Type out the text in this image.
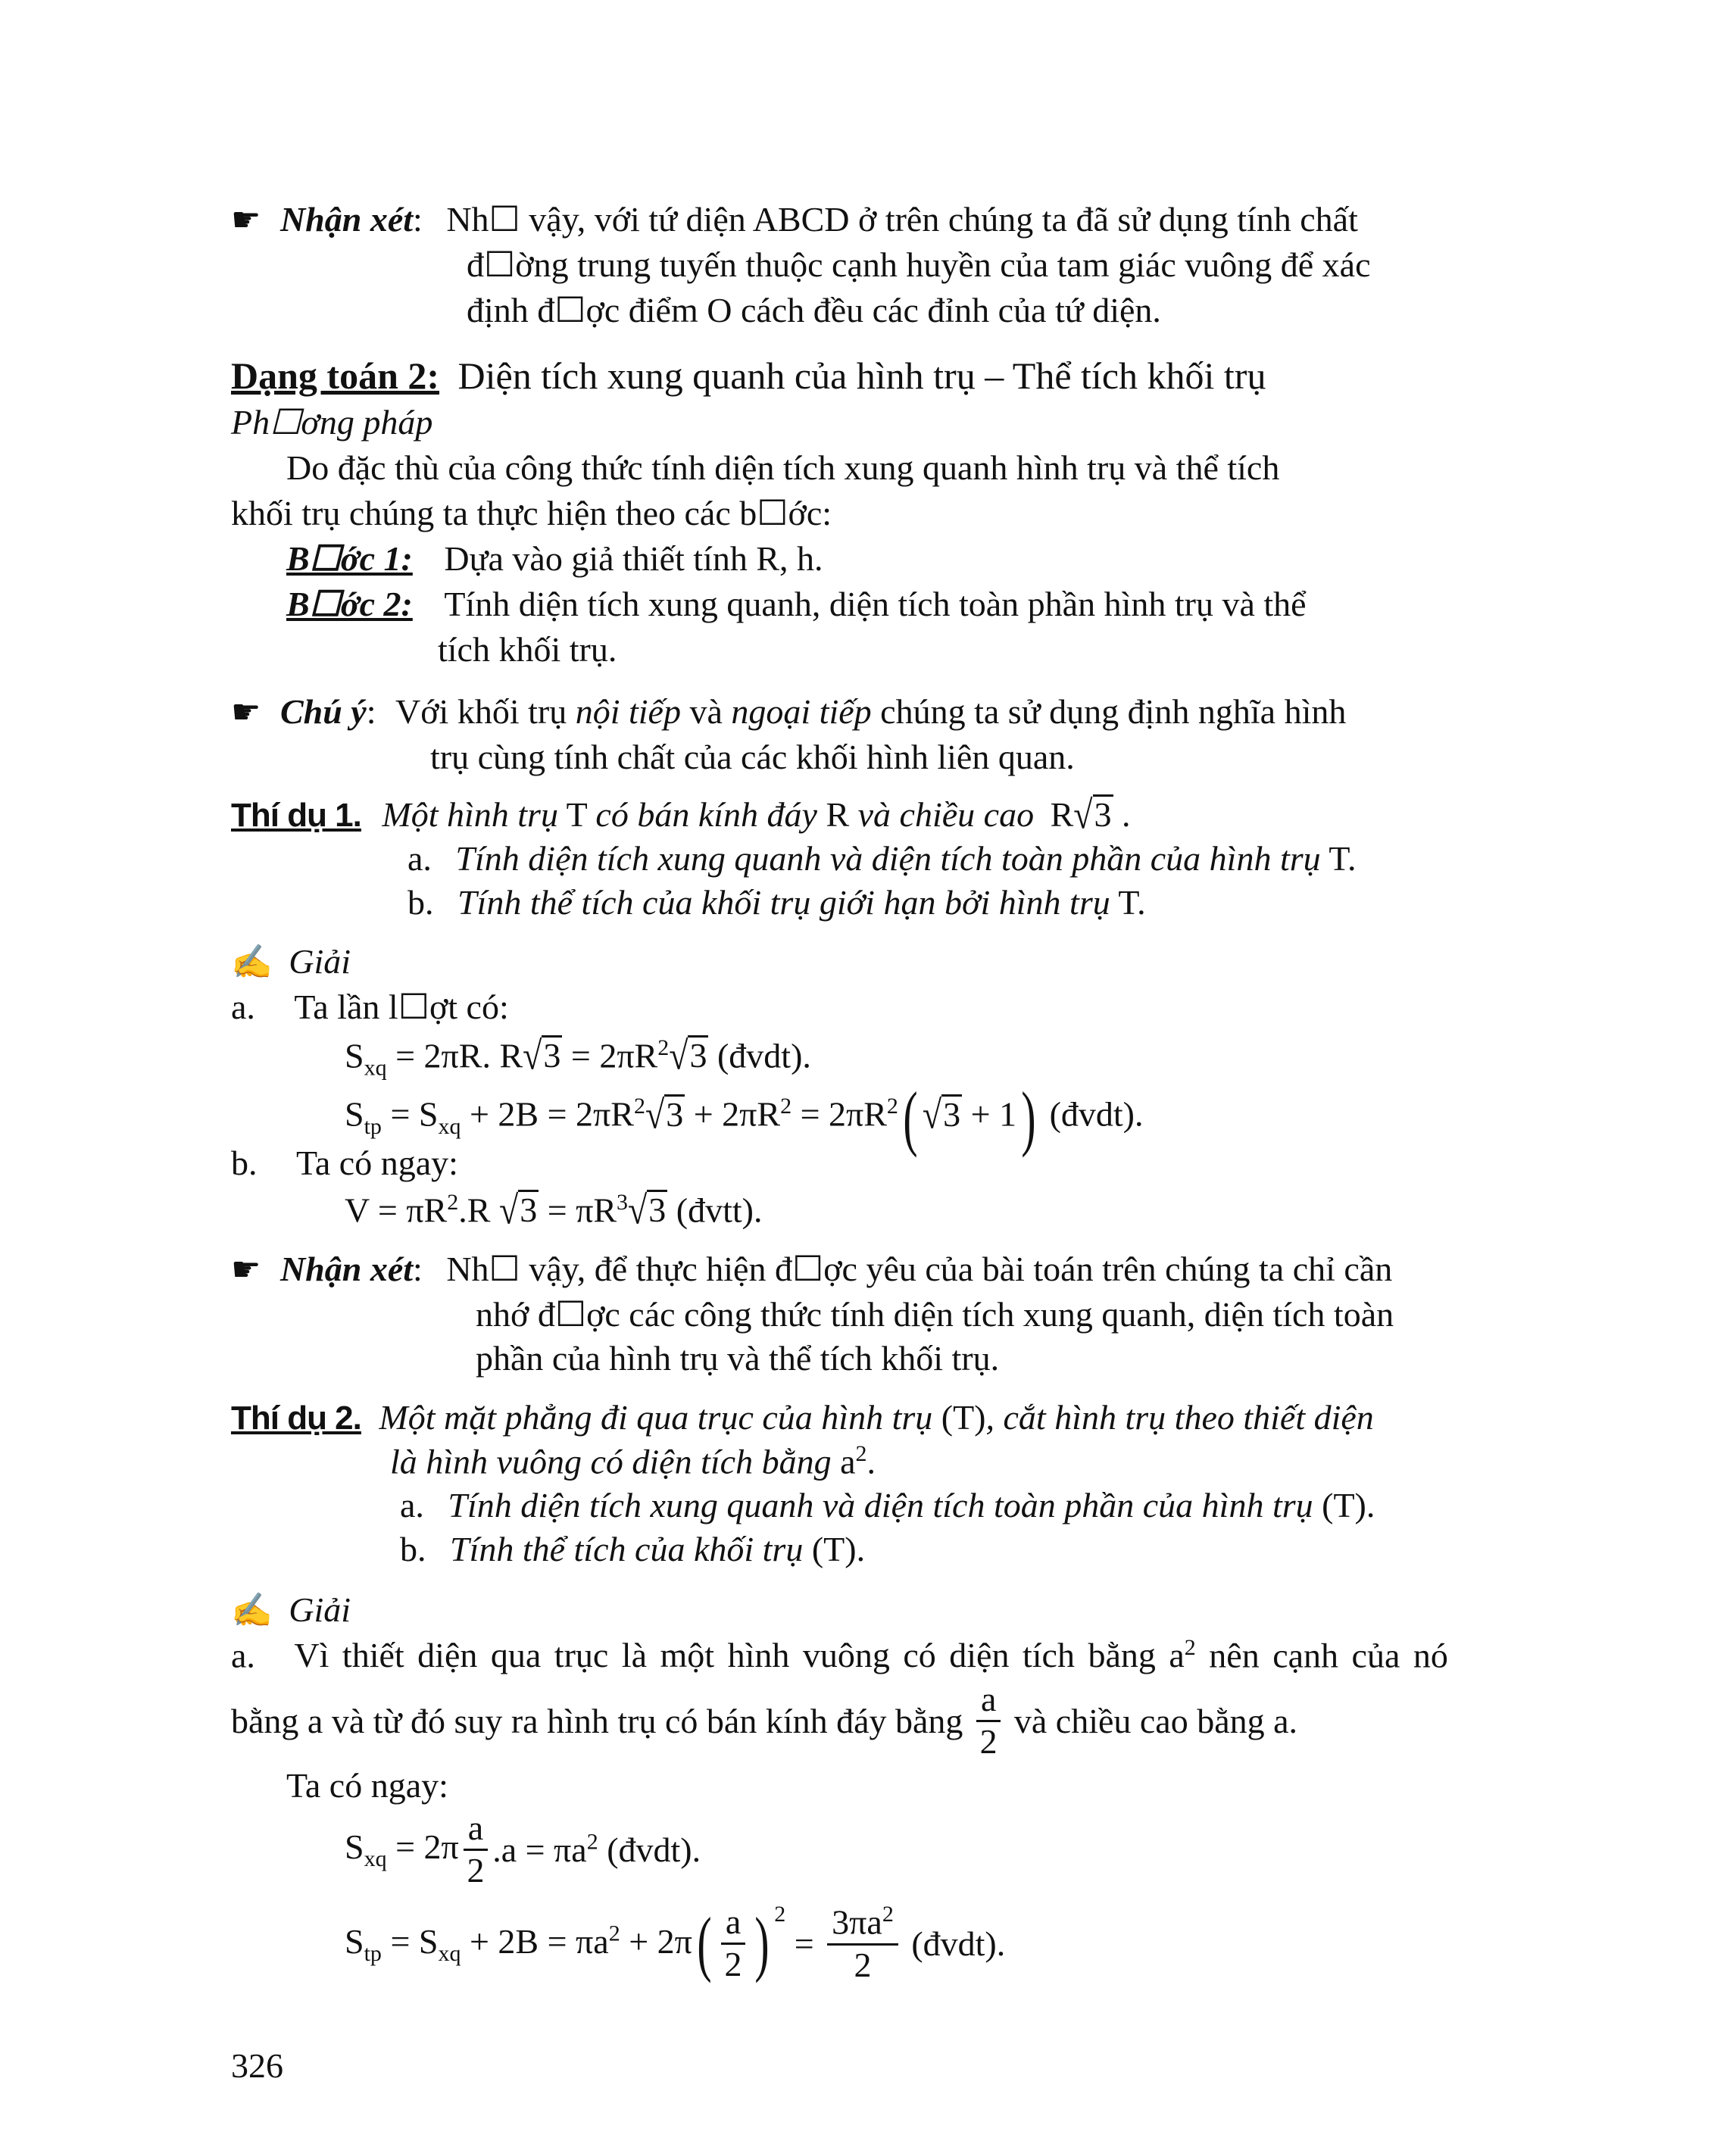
☛ Nhận xét: Nh☐ vậy, với tứ diện ABCD ở trên chúng ta đã sử dụng tính chất
đ☐ờng trung tuyến thuộc cạnh huyền của tam giác vuông để xác
định đ☐ợc điểm O cách đều các đỉnh của tứ diện.
Dạng toán 2: Diện tích xung quanh của hình trụ – Thể tích khối trụ
Ph☐ơng pháp
Do đặc thù của công thức tính diện tích xung quanh hình trụ và thể tích
khối trụ chúng ta thực hiện theo các b☐ớc:
B☐ớc 1: Dựa vào giả thiết tính R, h.
B☐ớc 2: Tính diện tích xung quanh, diện tích toàn phần hình trụ và thể
tích khối trụ.
☛ Chú ý: Với khối trụ nội tiếp và ngoại tiếp chúng ta sử dụng định nghĩa hình
trụ cùng tính chất của các khối hình liên quan.
Thí dụ 1. Một hình trụ T có bán kính đáy R và chiều cao R√3 .
a. Tính diện tích xung quanh và diện tích toàn phần của hình trụ T.
b. Tính thể tích của khối trụ giới hạn bởi hình trụ T.
✍ Giải
a. Ta lần l☐ợt có:
$S_{xq} = 2\pi R$. $R√3 = 2\pi R^2√3$ (đvdt).
$S_{tp} = S_{xq} + 2B = 2\pi R^2√3 + 2\pi R^2 = 2\pi R^2$( √3 + 1) (đvdt).
b. Ta có ngay:
$V = \pi R^2.R$ $√3 = \pi R^3√3$ (đvtt).
☛ Nhận xét: Nh☐ vậy, để thực hiện đ☐ợc yêu của bài toán trên chúng ta chỉ cần
nhớ đ☐ợc các công thức tính diện tích xung quanh, diện tích toàn
phần của hình trụ và thể tích khối trụ.
Thí dụ 2. Một mặt phẳng đi qua trục của hình trụ (T), cắt hình trụ theo thiết diện
là hình vuông có diện tích bằng $a^2$.
a. Tính diện tích xung quanh và diện tích toàn phần của hình trụ (T).
b. Tính thể tích của khối trụ (T).
✍ Giải
a. Vì thiết diện qua trục là một hình vuông có diện tích bằng $a^2$ nên cạnh của nó
bằng a và từ đó suy ra hình trụ có bán kính đáy bằng $\frac{a}{2}$ và chiều cao bằng a.
Ta có ngay:
$S_{xq} = 2\pi \frac{a}{2} .a = \pi a^2$ (đvdt).
$S_{tp} = S_{xq} + 2B = \pi a^2 + 2\pi( \frac{a}{2}$ ) $^2 = \frac{3\pi a^2}{2}$ (đvdt).
326
